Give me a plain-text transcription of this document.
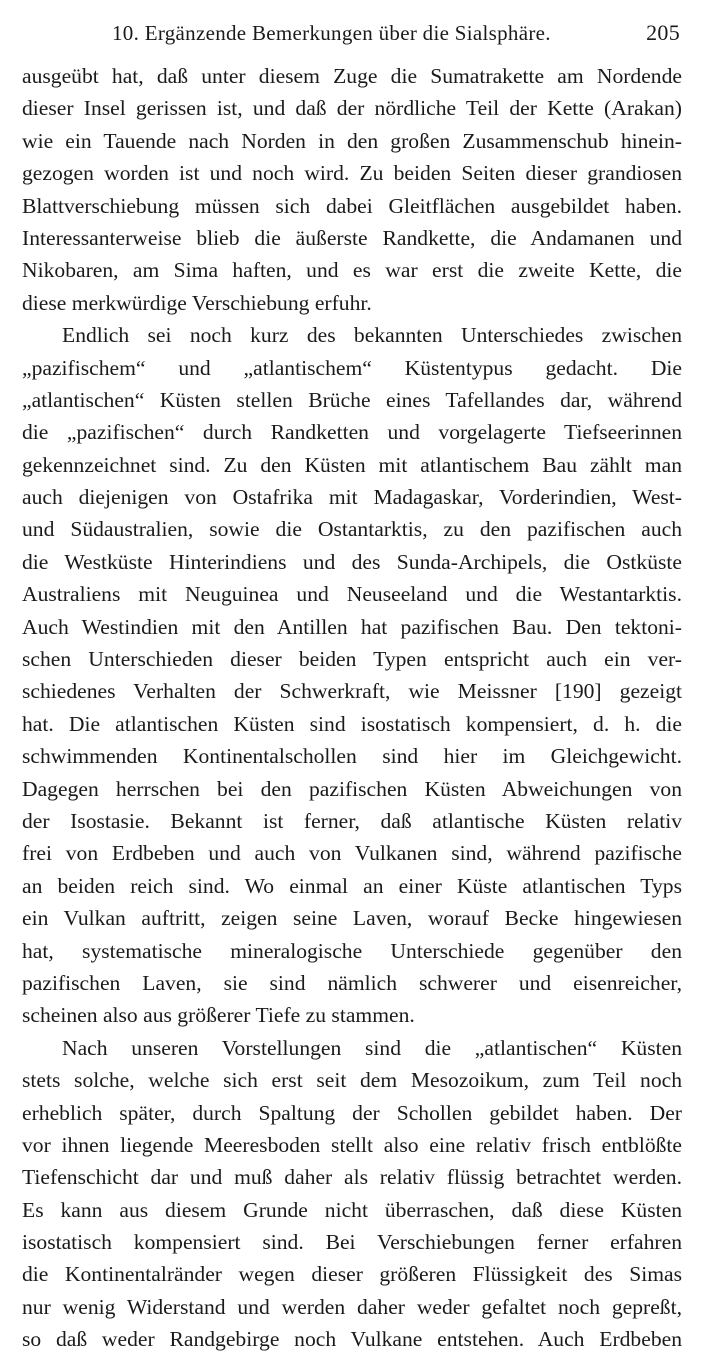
10. Ergänzende Bemerkungen über die Sialsphäre.	205
ausgeübt hat, daß unter diesem Zuge die Sumatrakette am Nordende
dieser Insel gerissen ist, und daß der nördliche Teil der Kette (Arakan)
wie ein Tauende nach Norden in den großen Zusammenschub hinein-
gezogen worden ist und noch wird. Zu beiden Seiten dieser grandiosen
Blattverschiebung müssen sich dabei Gleitflächen ausgebildet haben.
Interessanterweise blieb die äußerste Randkette, die Andamanen und
Nikobaren, am Sima haften, und es war erst die zweite Kette, die
diese merkwürdige Verschiebung erfuhr.
Endlich sei noch kurz des bekannten Unterschiedes zwischen
„pazifischem“ und „atlantischem“ Küstentypus gedacht. Die
„atlantischen“ Küsten stellen Brüche eines Tafellandes dar, während
die „pazifischen“ durch Randketten und vorgelagerte Tiefseerinnen
gekennzeichnet sind. Zu den Küsten mit atlantischem Bau zählt man
auch diejenigen von Ostafrika mit Madagaskar, Vorderindien, West-
und Südaustralien, sowie die Ostantarktis, zu den pazifischen auch
die Westküste Hinterindiens und des Sunda-Archipels, die Ostküste
Australiens mit Neuguinea und Neuseeland und die Westantarktis.
Auch Westindien mit den Antillen hat pazifischen Bau. Den tektoni-
schen Unterschieden dieser beiden Typen entspricht auch ein ver-
schiedenes Verhalten der Schwerkraft, wie Meissner [190] gezeigt
hat. Die atlantischen Küsten sind isostatisch kompensiert, d. h. die
schwimmenden Kontinentalschollen sind hier im Gleichgewicht.
Dagegen herrschen bei den pazifischen Küsten Abweichungen von
der Isostasie. Bekannt ist ferner, daß atlantische Küsten relativ
frei von Erdbeben und auch von Vulkanen sind, während pazifische
an beiden reich sind. Wo einmal an einer Küste atlantischen Typs
ein Vulkan auftritt, zeigen seine Laven, worauf Becke hingewiesen
hat, systematische mineralogische Unterschiede gegenüber den
pazifischen Laven, sie sind nämlich schwerer und eisenreicher,
scheinen also aus größerer Tiefe zu stammen.
Nach unseren Vorstellungen sind die „atlantischen“ Küsten
stets solche, welche sich erst seit dem Mesozoikum, zum Teil noch
erheblich später, durch Spaltung der Schollen gebildet haben. Der
vor ihnen liegende Meeresboden stellt also eine relativ frisch entblößte
Tiefenschicht dar und muß daher als relativ flüssig betrachtet werden.
Es kann aus diesem Grunde nicht überraschen, daß diese Küsten
isostatisch kompensiert sind. Bei Verschiebungen ferner erfahren
die Kontinentalränder wegen dieser größeren Flüssigkeit des Simas
nur wenig Widerstand und werden daher weder gefaltet noch gepreßt,
so daß weder Randgebirge noch Vulkane entstehen. Auch Erdbeben
